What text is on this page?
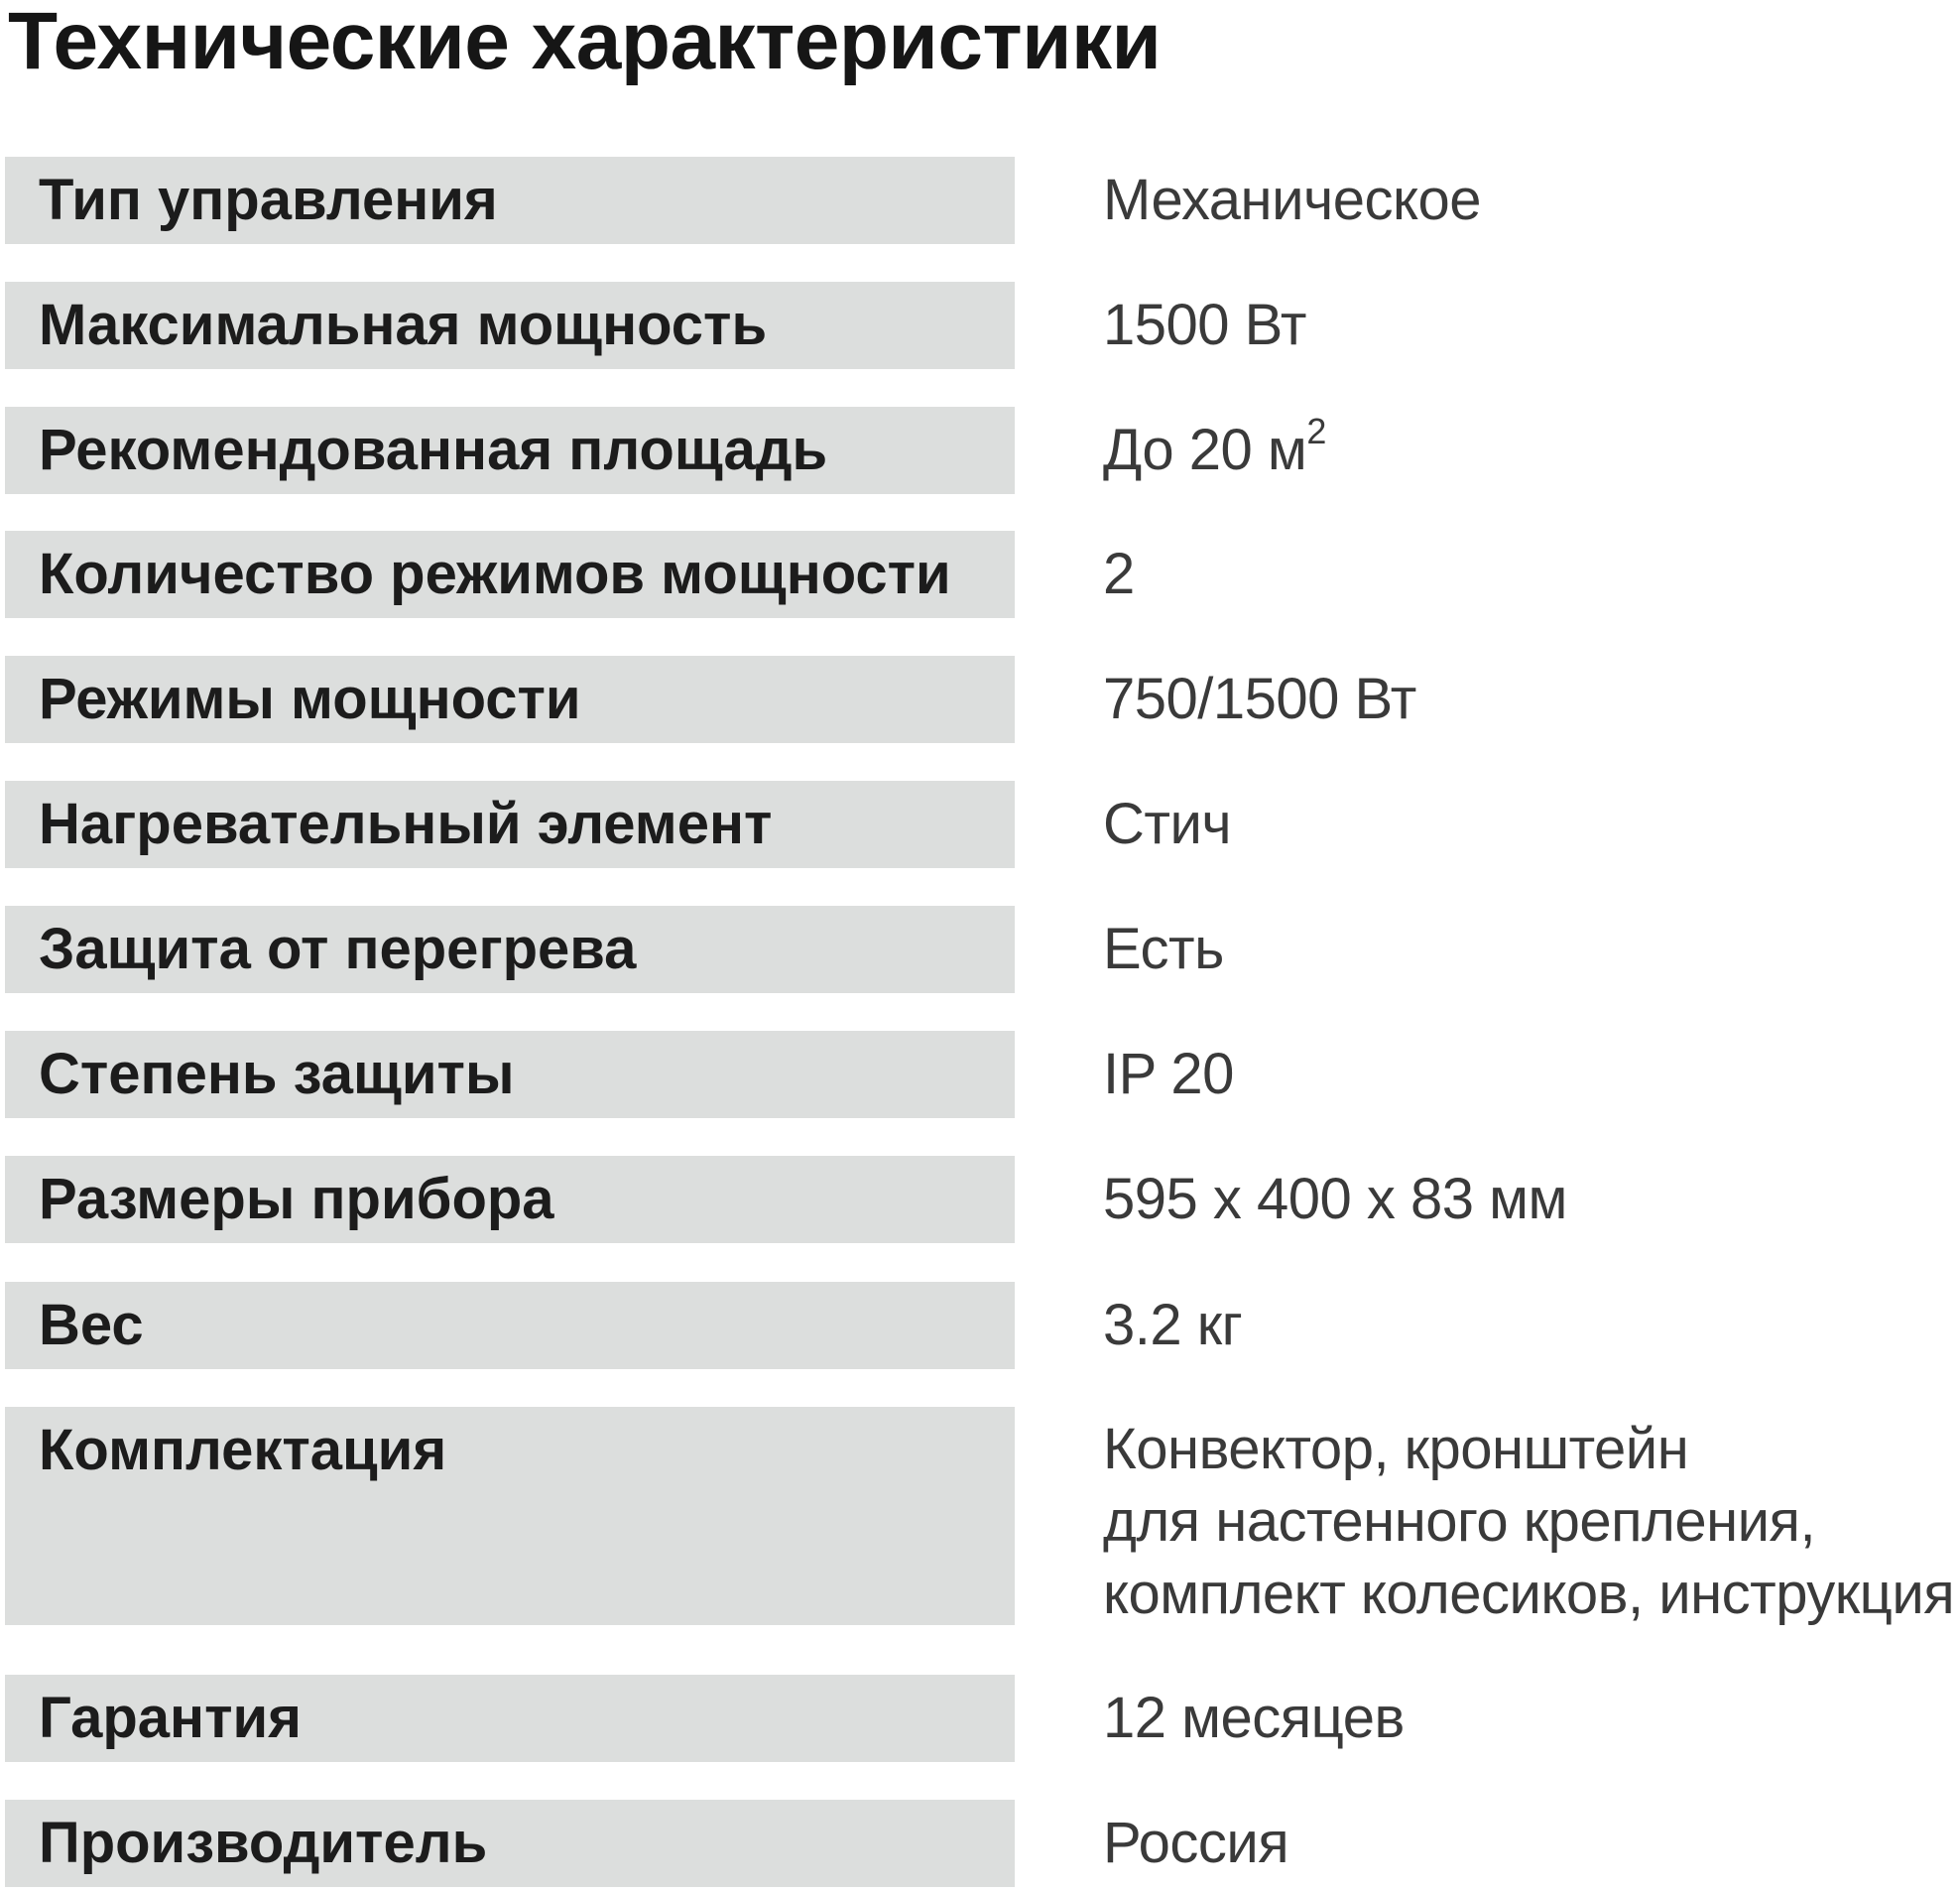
Технические характеристики
Тип управления	Механическое
Максимальная мощность	1500 Вт
Рекомендованная площадь	До 20 $м^2$
Количество режимов мощности	2
Режимы мощности	750/1500 Вт
Нагревательный элемент	Стич
Защита от перегрева	Есть
Степень защиты	IP 20
Размеры прибора	595 х 400 х 83 мм
Вес	3.2 кг
Комплектация	Конвектор, кронштейн
для настенного крепления,
комплект колесиков, инструкция
Гарантия	12 месяцев
Производитель	Россия
